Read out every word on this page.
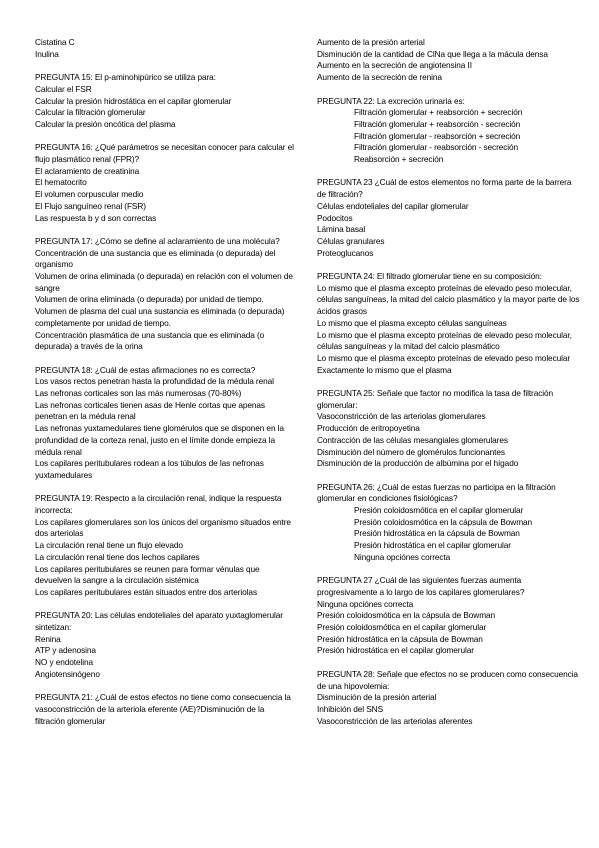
Cistatina C
Inulina
PREGUNTA 15: El p-aminohipúrico se utiliza para:
Calcular el FSR
Calcular la presión hidrostática en el capilar glomerular
Calcular la filtración glomerular
Calcular la presión oncótica del plasma
PREGUNTA 16: ¿Qué parámetros se necesitan conocer para calcular el flujo plasmático renal (FPR)?
El aclaramiento de creatinina
El hematocrito
El volumen corpuscular medio
El Flujo sanguíneo renal (FSR)
Las respuesta b y d son correctas
PREGUNTA 17: ¿Cómo se define al aclaramiento de una molécula?
Concentración de una sustancia que es eliminada (o depurada) del organismo
Volumen de orina eliminada (o depurada) en relación con el volumen de sangre
Volumen de orina eliminada (o depurada) por unidad de tiempo.
Volumen de plasma del cual una sustancia es eliminada (o depurada) completamente por unidad de tiempo.
Concentración plasmática de una sustancia que es eliminada (o depurada) a través de la orina
PREGUNTA 18: ¿Cuál de estas afirmaciones no es correcta?
Los vasos rectos penetran hasta la profundidad de la médula renal
Las nefronas corticales son las más numerosas (70-80%)
Las nefronas corticales tienen asas de Henle cortas que apenas penetran en la médula renal
Las nefronas yuxtamedulares tiene glomérulos que se disponen en la profundidad de la corteza renal, justo en el límite donde empieza la médula renal
Los capilares peritubulares rodean a los túbulos de las nefronas yuxtamedulares
PREGUNTA 19: Respecto a la circulación renal, indique la respuesta incorrecta:
Los capilares glomerulares son los únicos del organismo situados entre dos arteriolas
La circulación renal tiene un flujo elevado
La circulación renal tiene dos lechos capilares
Los capilares peritubulares se reunen para formar vénulas que devuelven la sangre a la circulación sistémica
Los capilares peritubulares están situados entre dos arteriolas
PREGUNTA 20: Las células endoteliales del aparato yuxtaglomerular sintetizan:
Renina
ATP y adenosina
NO y endotelina
Angiotensinógeno
PREGUNTA 21: ¿Cuál de estos efectos no tiene como consecuencia la vasoconstricción de la arteriola eferente (AE)?Disminución de la filtración glomerular
Aumento de la presión arterial
Disminución de la cantidad de ClNa que llega a la mácula densa
Aumento en la secreción de angiotensina II
Aumento de la secreción de renina
PREGUNTA 22: La excreción urinaria es:
Filtración glomerular + reabsorción + secreción
Filtración glomerular + reabsorción - secreción
Filtración glomerular - reabsorción + secreción
Filtración glomerular - reabsorción - secreción
Reabsorción + secreción
PREGUNTA 23 ¿Cuál de estos elementos no forma parte de la barrera de filtración?
Células endoteliales del capilar glomerular
Podocitos
Lámina basal
Células granulares
Proteoglucanos
PREGUNTA 24: El filtrado glomerular tiene en su composición:
Lo mismo que el plasma excepto proteínas de elevado peso molecular, células sanguíneas, la mitad del calcio plasmático y la mayor parte de los ácidos grasos
Lo mismo que el plasma excepto células sanguíneas
Lo mismo que el plasma excepto proteínas de elevado peso molecular, células sanguíneas y la mitad del calcio plasmático
Lo mismo que el plasma excepto proteínas de elevado peso molecular
Exactamente lo mismo que el plasma
PREGUNTA 25: Señale que factor no modifica la tasa de filtración glomerular:
Vasoconstricción de las arteriolas glomerulares
Producción de eritropoyetina
Contracción de las células mesangiales glomerulares
Disminución del número de glomérulos funcionantes
Disminución de la producción de albúmina por el hígado
PREGUNTA 26: ¿Cuál de estas fuerzas no participa en la filtración glomerular en condiciones fisiológicas?
Presión coloidosmótica en el capilar glomerular
Presión coloidosmótica en la cápsula de Bowman
Presión hidrostática en la cápsula de Bowman
Presión hidrostática en el capilar glomerular
Ninguna opciónes correcta
PREGUNTA 27 ¿Cuál de las siguientes fuerzas aumenta progresivamente a lo largo de los capilares glomerulares?
Ninguna opciónes correcta
Presión coloidosmótica en la cápsula de Bowman
Presión coloidosmótica en el capilar glomerular
Presión hidrostática en la cápsula de Bowman
Presión hidrostática en el capilar glomerular
PREGUNTA 28: Señale que efectos no se producen como consecuencia de una hipovolemia:
Disminución de la presión arterial
Inhibición del SNS
Vasoconstricción de las arteriolas aferentes
